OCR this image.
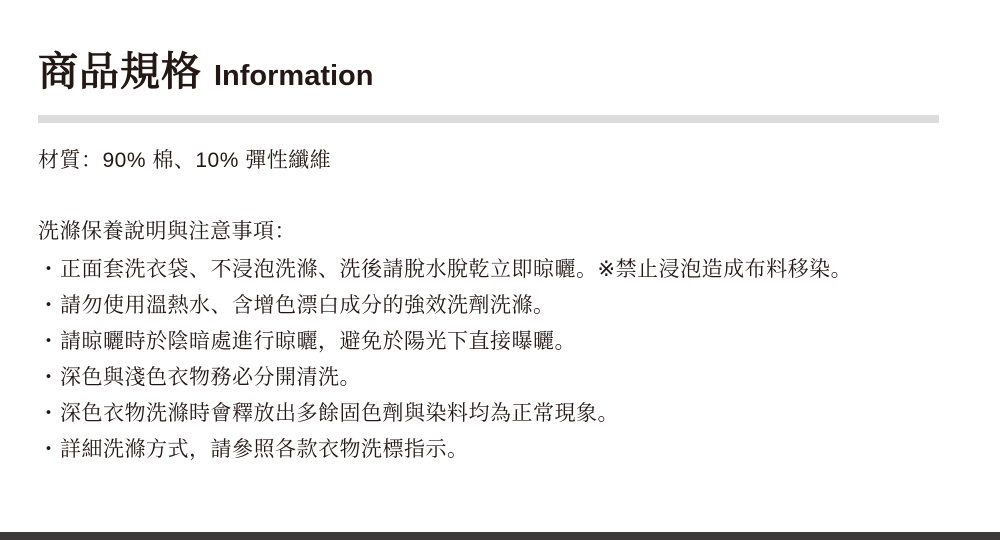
商品規格 Information

材質：90% 棉、10% 彈性纖維

洗滌保養說明與注意事項：

・正面套洗衣袋、不浸泡洗滌、洗後請脫水脫乾立即晾曬。※禁止浸泡造成布料移染。
・請勿使用溫熱水、含增色漂白成分的強效洗劑洗滌。
・請晾曬時於陰暗處進行晾曬，避免於陽光下直接曝曬。
・深色與淺色衣物務必分開清洗。
・深色衣物洗滌時會釋放出多餘固色劑與染料均為正常現象。
・詳細洗滌方式，請參照各款衣物洗標指示。
